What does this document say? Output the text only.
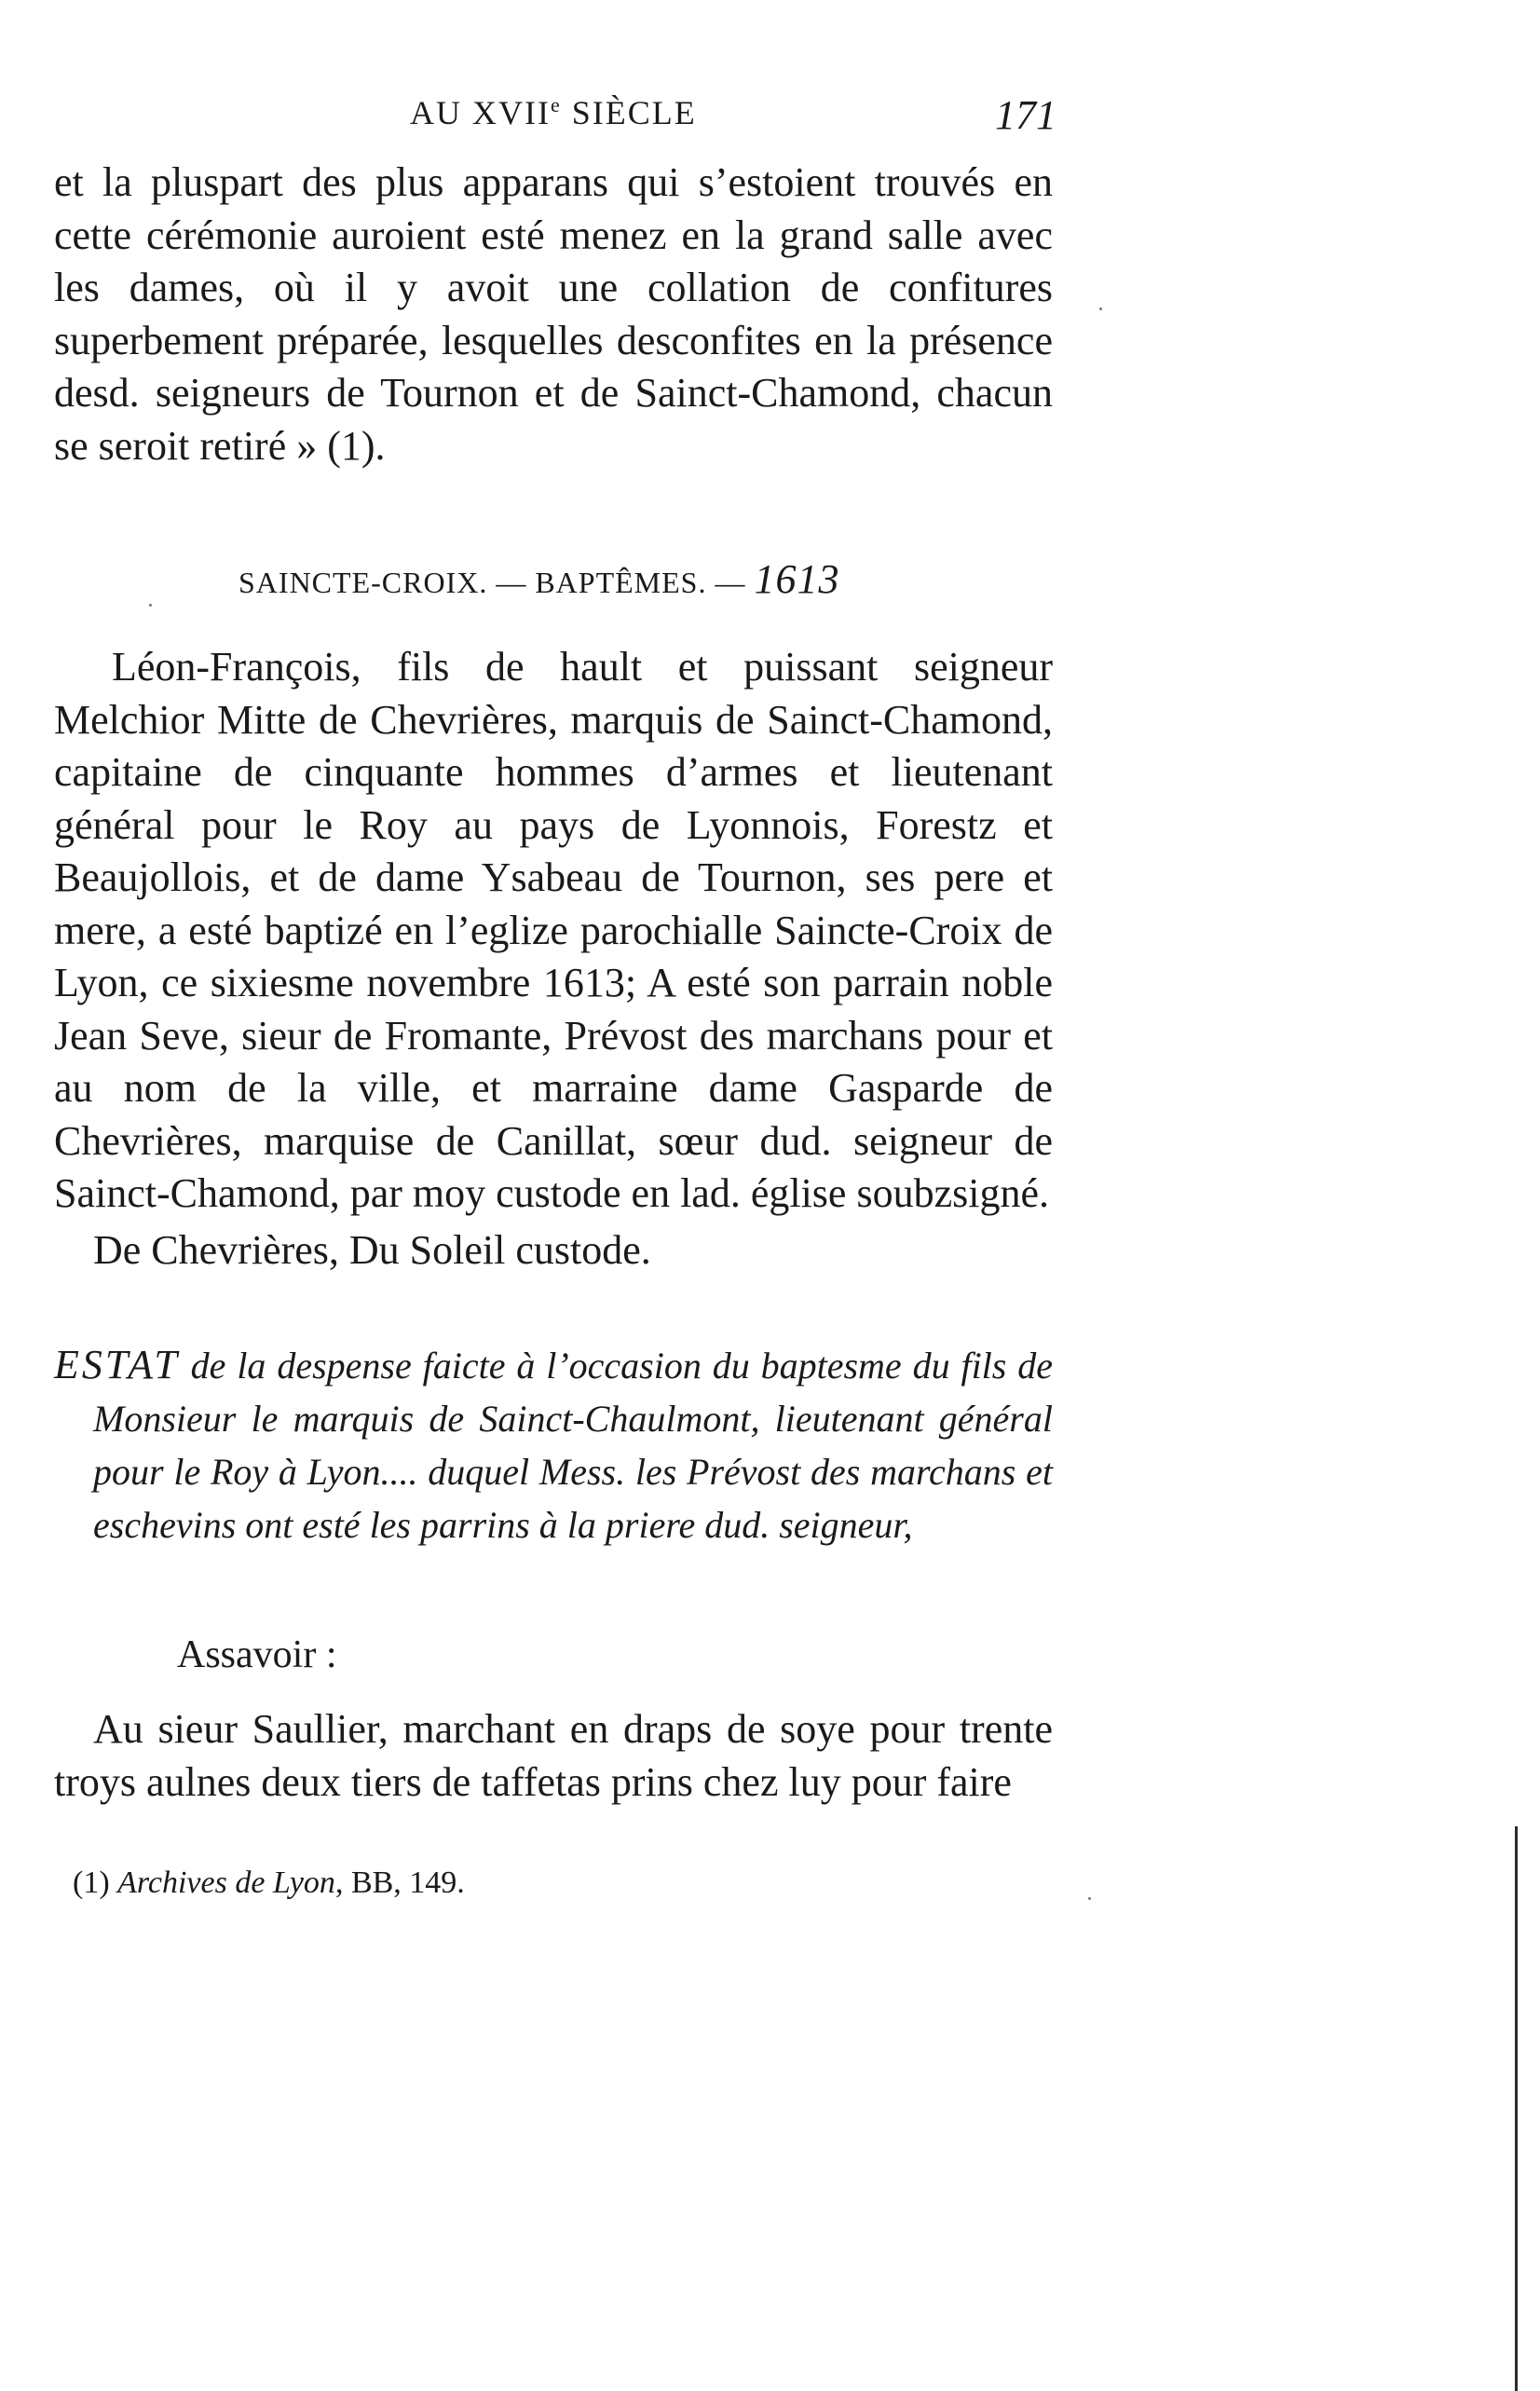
AU XVIIe SIÈCLE	171
et la pluspart des plus apparans qui s’estoient trouvés en cette cérémonie auroient esté menez en la grand salle avec les dames, où il y avoit une collation de confitures superbement préparée, lesquelles desconfites en la présence desd. seigneurs de Tournon et de Sainct-Chamond, chacun se seroit retiré » (1).
SAINCTE-CROIX. — BAPTÊMES. — 1613
Léon-François, fils de hault et puissant seigneur Melchior Mitte de Chevrières, marquis de Sainct-Chamond, capitaine de cinquante hommes d’armes et lieutenant général pour le Roy au pays de Lyonnois, Forestz et Beaujollois, et de dame Ysabeau de Tournon, ses pere et mere, a esté baptizé en l’eglize parochialle Saincte-Croix de Lyon, ce sixiesme novembre 1613; A esté son parrain noble Jean Seve, sieur de Fromante, Prévost des marchans pour et au nom de la ville, et marraine dame Gasparde de Chevrières, marquise de Canillat, sœur dud. seigneur de Sainct-Chamond, par moy custode en lad. église soubzsigné.
De Chevrières, Du Soleil custode.
ESTAT de la despense faicte à l’occasion du baptesme du fils de Monsieur le marquis de Sainct-Chaulmont, lieutenant général pour le Roy à Lyon.... duquel Mess. les Prévost des marchans et eschevins ont esté les parrins à la priere dud. seigneur,
Assavoir :
Au sieur Saullier, marchant en draps de soye pour trente troys aulnes deux tiers de taffetas prins chez luy pour faire
(1) Archives de Lyon, BB, 149.
